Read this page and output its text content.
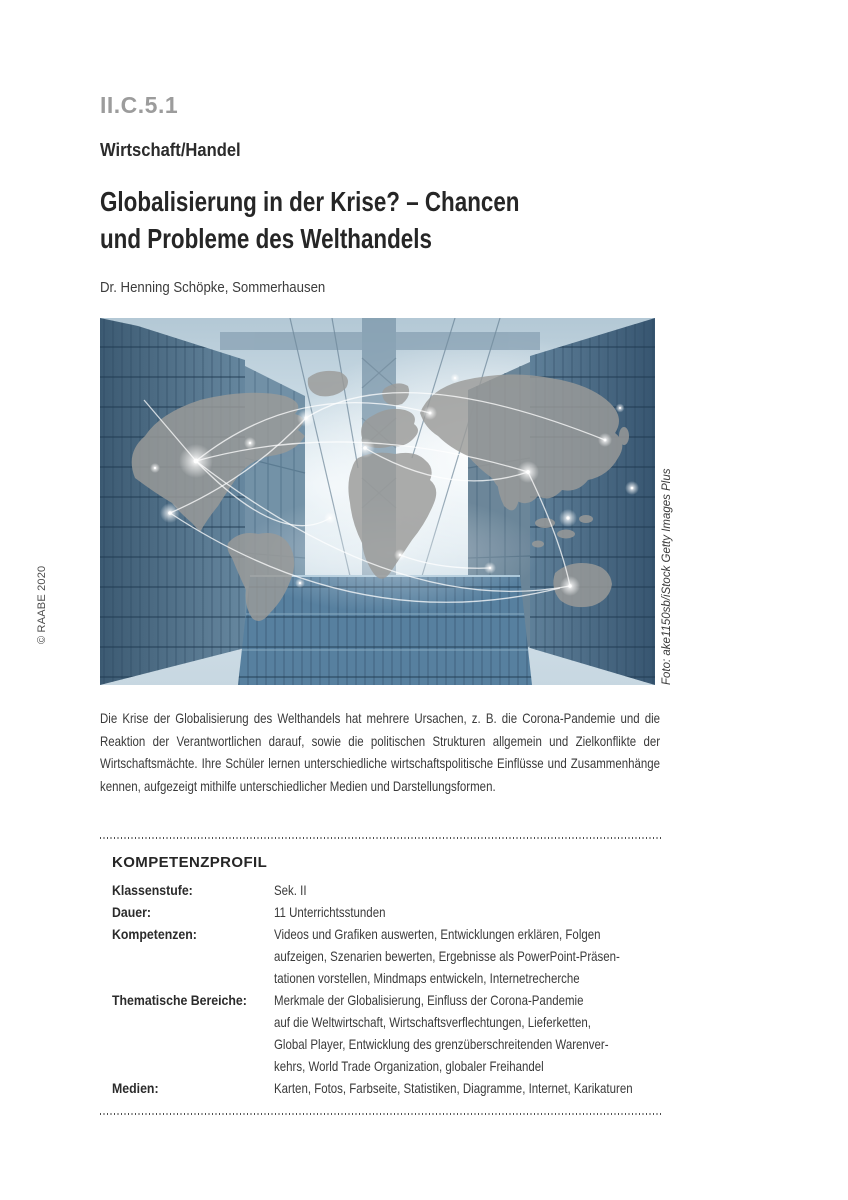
II.C.5.1
Wirtschaft/Handel
Globalisierung in der Krise? – Chancen
und Probleme des Welthandels
Dr. Henning Schöpke, Sommerhausen
© RAABE 2020	Foto: ake1150sb/iStock Getty Images Plus

Die Krise der Globalisierung des Welthandels hat mehrere Ursachen, z. B. die Corona-Pandemie und die Reaktion der Verantwortlichen darauf, sowie die politischen Strukturen allgemein und Zielkonflikte der Wirtschaftsmächte. Ihre Schüler lernen unterschiedliche wirtschaftspolitische Einflüsse und Zusammenhänge kennen, aufgezeigt mithilfe unterschiedlicher Medien und Darstellungsformen.

KOMPETENZPROFIL
Klassenstufe:	Sek. II
Dauer:	11 Unterrichtsstunden
Kompetenzen:	Videos und Grafiken auswerten, Entwicklungen erklären, Folgen
aufzeigen, Szenarien bewerten, Ergebnisse als PowerPoint-Präsen-
tationen vorstellen, Mindmaps entwickeln, Internetrecherche
Thematische Bereiche:	Merkmale der Globalisierung, Einfluss der Corona-Pandemie
auf die Weltwirtschaft, Wirtschaftsverflechtungen, Lieferketten,
Global Player, Entwicklung des grenzüberschreitenden Warenver-
kehrs, World Trade Organization, globaler Freihandel
Medien:	Karten, Fotos, Farbseite, Statistiken, Diagramme, Internet, Karikaturen
